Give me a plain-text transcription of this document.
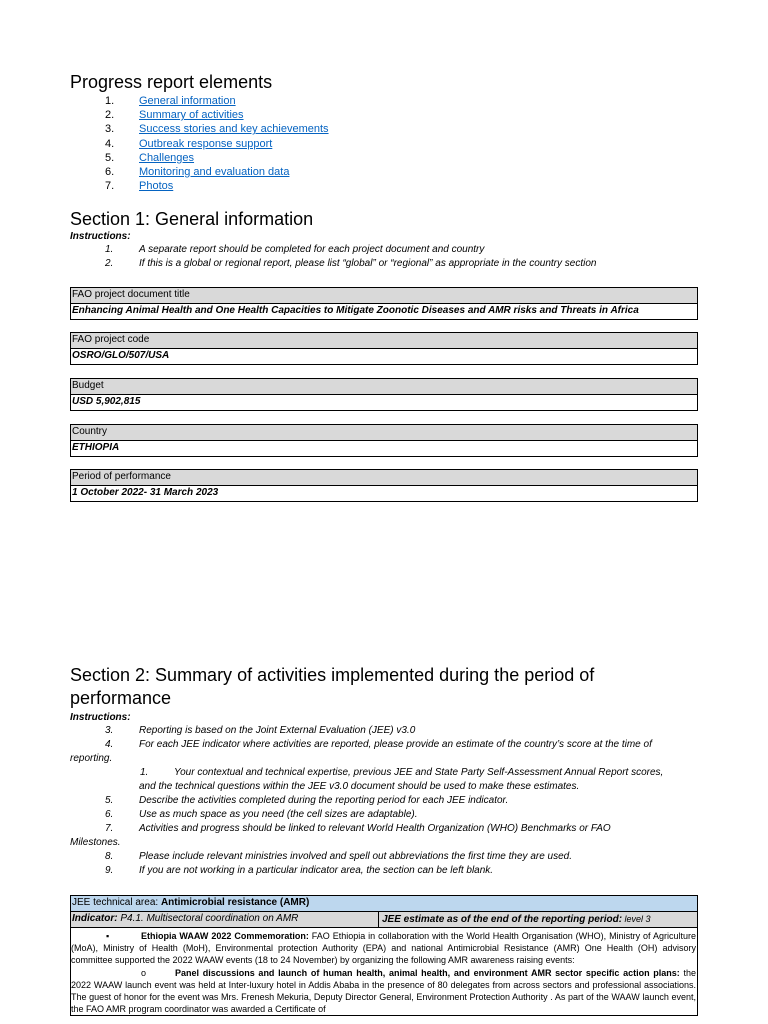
Progress report elements
1.	General information
2.	Summary of activities
3.	Success stories and key achievements
4.	Outbreak response support
5.	Challenges
6.	Monitoring and evaluation data
7.	Photos
Section 1: General information
Instructions:
1.	A separate report should be completed for each project document and country
2.	If this is a global or regional report, please list “global” or “regional” as appropriate in the country section
FAO project document title
Enhancing Animal Health and One Health Capacities to Mitigate Zoonotic Diseases and AMR risks and Threats in Africa
FAO project code
OSRO/GLO/507/USA
Budget
USD 5,902,815
Country
ETHIOPIA
Period of performance
1 October 2022- 31 March 2023
Section 2: Summary of activities implemented during the period of
performance
Instructions:
3.	Reporting is based on the Joint External Evaluation (JEE) v3.0
4.	For each JEE indicator where activities are reported, please provide an estimate of the country’s score at the time of
reporting.
1.	Your contextual and technical expertise, previous JEE and State Party Self-Assessment Annual Report scores,
and the technical questions within the JEE v3.0 document should be used to make these estimates.
5.	Describe the activities completed during the reporting period for each JEE indicator.
6.	Use as much space as you need (the cell sizes are adaptable).
7.	Activities and progress should be linked to relevant World Health Organization (WHO) Benchmarks or FAO
Milestones.
8.	Please include relevant ministries involved and spell out abbreviations the first time they are used.
9.	If you are not working in a particular indicator area, the section can be left blank.
JEE technical area: Antimicrobial resistance (AMR)
Indicator: P4.1. Multisectoral coordination on AMR	JEE estimate as of the end of the reporting period: level 3
▪	Ethiopia WAAW 2022 Commemoration: FAO Ethiopia in collaboration with the World Health Organisation (WHO), Ministry of Agriculture (MoA), Ministry of Health (MoH), Environmental protection Authority (EPA) and national Antimicrobial Resistance (AMR) One Health (OH) advisory committee supported the 2022 WAAW events (18 to 24 November) by organizing the following AMR awareness raising events:
o	Panel discussions and launch of human health, animal health, and environment AMR sector specific action plans: the 2022 WAAW launch event was held at Inter-luxury hotel in Addis Ababa in the presence of 80 delegates from across sectors and professional associations. The guest of honor for the event was Mrs. Frenesh Mekuria, Deputy Director General, Environment Protection Authority . As part of the WAAW launch event, the FAO AMR program coordinator was awarded a Certificate of
